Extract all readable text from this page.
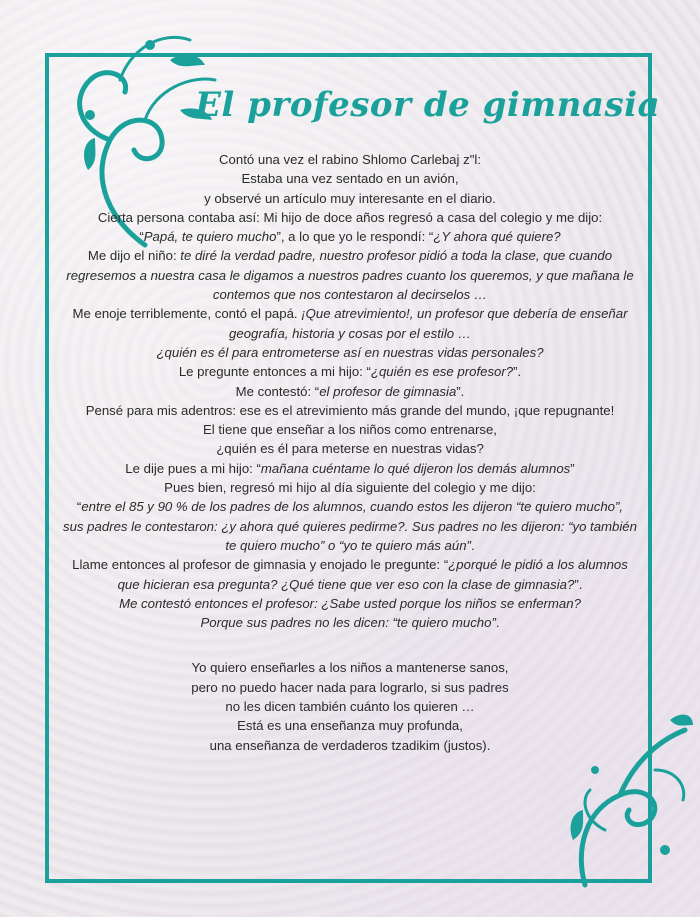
El profesor de gimnasia

Contó una vez el rabino Shlomo Carlebaj z"l:

Estaba una vez sentado en un avión,

y observé un artículo muy interesante en el diario.

Cierta persona contaba así: Mi hijo de doce años regresó a casa del colegio y me dijo:

“Papá, te quiero mucho”, a lo que yo le respondí: “¿Y ahora qué quiere?

Me dijo el niño: te diré la verdad padre, nuestro profesor pidió a toda la clase, que cuando

regresemos a nuestra casa le digamos a nuestros padres cuanto los queremos, y que mañana le

contemos que nos contestaron al decirselos …

Me enoje terriblemente, contó el papá. ¡Que atrevimiento!, un profesor que debería de enseñar

geografía, historia y cosas por el estilo …

¿quién es él para entrometerse así en nuestras vidas personales?

Le pregunte entonces a mi hijo: “¿quién es ese profesor?”.

Me contestó: “el profesor de gimnasia”.

Pensé para mis adentros: ese es el atrevimiento más grande del mundo, ¡que repugnante!

El tiene que enseñar a los niños como entrenarse,

¿quién es él para meterse en nuestras vidas?

Le dije pues a mi hijo: “mañana cuéntame lo qué dijeron los demás alumnos”

Pues bien, regresó mi hijo al día siguiente del colegio y me dijo:

“entre el 85 y 90 % de los padres de los alumnos, cuando estos les dijeron “te quiero mucho”,

sus padres le contestaron: ¿y ahora qué quieres pedirme?. Sus padres no les dijeron: “yo también

te quiero mucho” o “yo te quiero más aún”.

Llame entonces al profesor de gimnasia y enojado le pregunte: “¿porqué le pidió a los alumnos

que hicieran esa pregunta? ¿Qué tiene que ver eso con la clase de gimnasia?”.

Me contestó entonces el profesor: ¿Sabe usted porque los niños se enferman?

Porque sus padres no les dicen: “te quiero mucho”.

Yo quiero enseñarles a los niños a mantenerse sanos,

pero no puedo hacer nada para lograrlo, si sus padres

no les dicen también cuánto los quieren …

Está es una enseñanza muy profunda,

una enseñanza de verdaderos tzadikim (justos).
